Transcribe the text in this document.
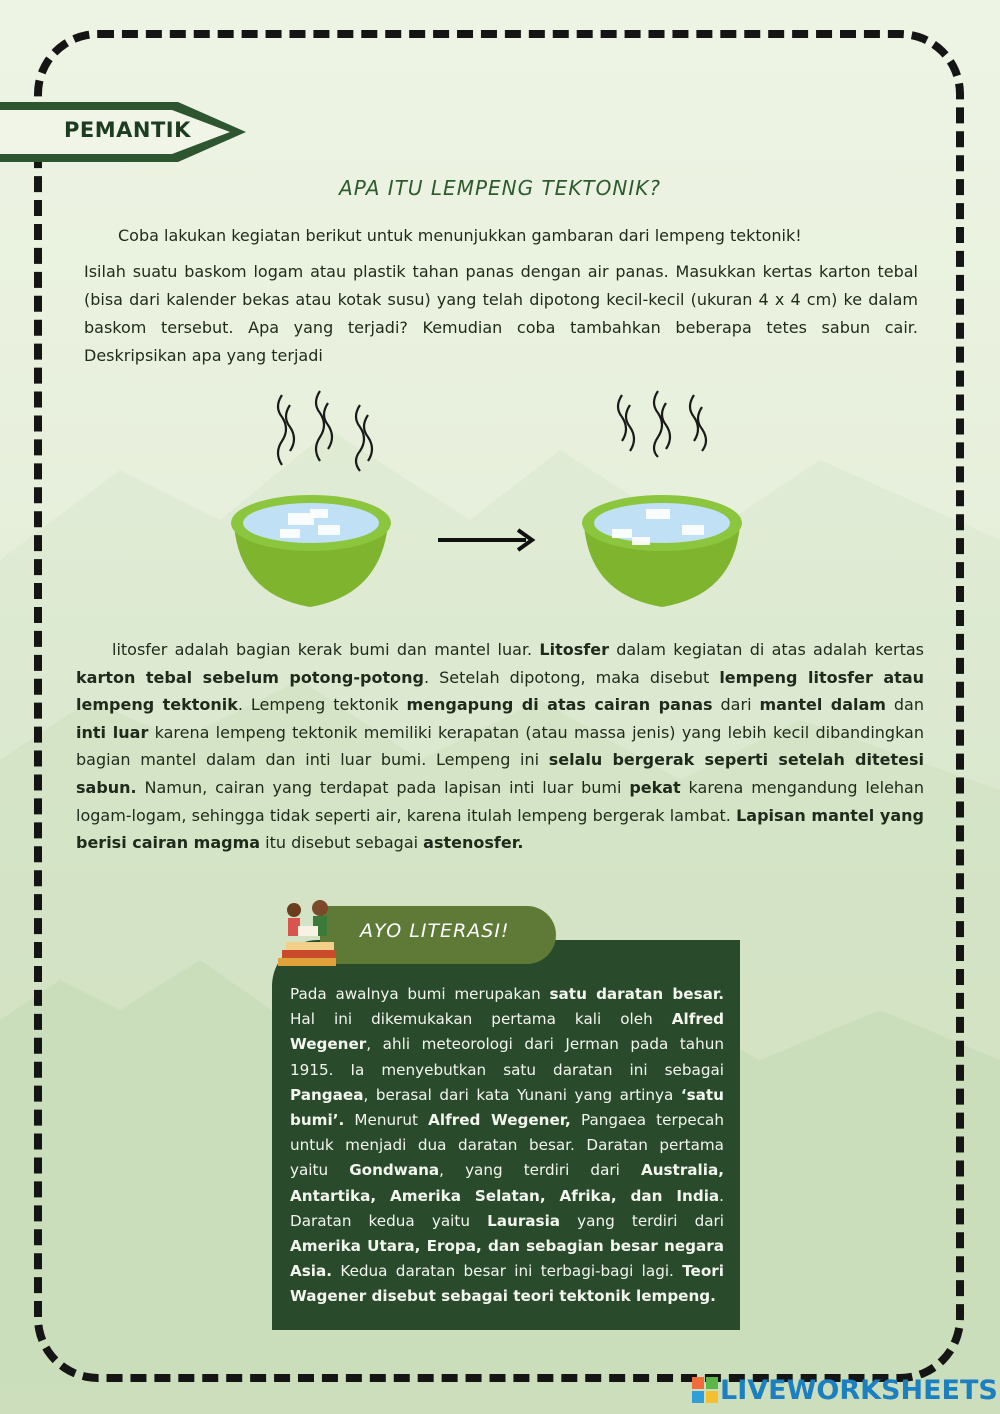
PEMANTIK
APA ITU LEMPENG TEKTONIK?
Coba lakukan kegiatan berikut untuk menunjukkan gambaran dari lempeng tektonik!
Isilah suatu baskom logam atau plastik tahan panas dengan air panas. Masukkan kertas karton tebal (bisa dari kalender bekas atau kotak susu) yang telah dipotong kecil-kecil (ukuran 4 x 4 cm) ke dalam baskom tersebut. Apa yang terjadi? Kemudian coba tambahkan beberapa tetes sabun cair. Deskripsikan apa yang terjadi
litosfer adalah bagian kerak bumi dan mantel luar. Litosfer dalam kegiatan di atas adalah kertas karton tebal sebelum potong-potong. Setelah dipotong, maka disebut lempeng litosfer atau lempeng tektonik. Lempeng tektonik mengapung di atas cairan panas dari mantel dalam dan inti luar karena lempeng tektonik memiliki kerapatan (atau massa jenis) yang lebih kecil dibandingkan bagian mantel dalam dan inti luar bumi. Lempeng ini selalu bergerak seperti setelah ditetesi sabun. Namun, cairan yang terdapat pada lapisan inti luar bumi pekat karena mengandung lelehan logam-logam, sehingga tidak seperti air, karena itulah lempeng bergerak lambat. Lapisan mantel yang berisi cairan magma itu disebut sebagai astenosfer.
Pada awalnya bumi merupakan satu daratan besar. Hal ini dikemukakan pertama kali oleh Alfred Wegener, ahli meteorologi dari Jerman pada tahun 1915. Ia menyebutkan satu daratan ini sebagai Pangaea, berasal dari kata Yunani yang artinya ‘satu bumi’. Menurut Alfred Wegener, Pangaea terpecah untuk menjadi dua daratan besar. Daratan pertama yaitu Gondwana, yang terdiri dari Australia, Antartika, Amerika Selatan, Afrika, dan India. Daratan kedua yaitu Laurasia yang terdiri dari Amerika Utara, Eropa, dan sebagian besar negara Asia. Kedua daratan besar ini terbagi-bagi lagi. Teori Wagener disebut sebagai teori tektonik lempeng.
AYO LITERASI!
LIVEWORKSHEETS
